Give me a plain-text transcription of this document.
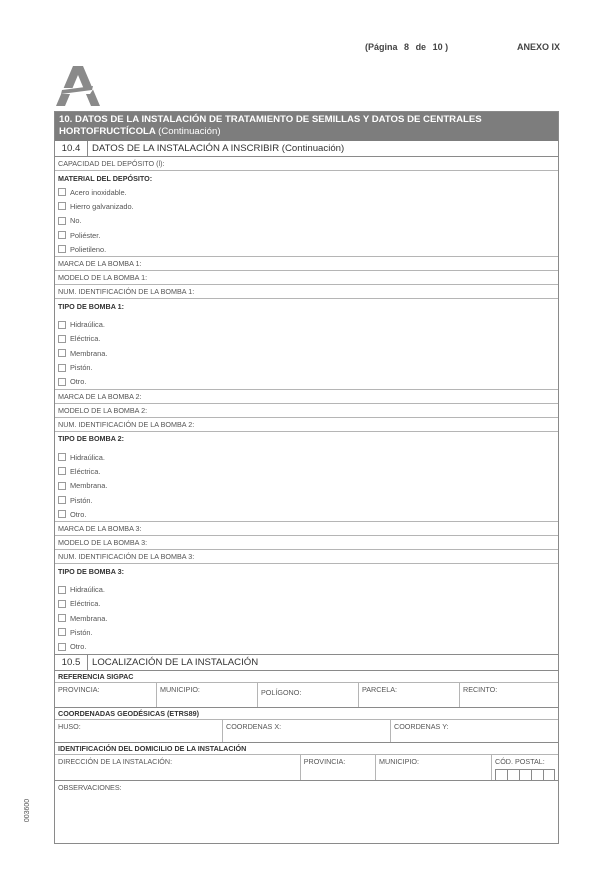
(Página 8 de 10 )	ANEXO IX
10. DATOS DE LA INSTALACIÓN DE TRATAMIENTO DE SEMILLAS Y DATOS DE CENTRALES HORTOFRUCTÍCOLA (Continuación)
10.4	DATOS DE LA INSTALACIÓN A INSCRIBIR (Continuación)
CAPACIDAD DEL DEPÓSITO (l):
MATERIAL DEL DEPÓSITO:
Acero inoxidable.
Hierro galvanizado.
No.
Poliéster.
Polietileno.
MARCA DE LA BOMBA 1:
MODELO DE LA BOMBA 1:
NUM. IDENTIFICACIÓN DE LA BOMBA 1:
TIPO DE BOMBA 1:
Hidraúlica.
Eléctrica.
Membrana.
Pistón.
Otro.
MARCA DE LA BOMBA 2:
MODELO DE LA BOMBA 2:
NUM. IDENTIFICACIÓN DE LA BOMBA 2:
TIPO DE BOMBA 2:
Hidraúlica.
Eléctrica.
Membrana.
Pistón.
Otro.
MARCA DE LA BOMBA 3:
MODELO DE LA BOMBA 3:
NUM. IDENTIFICACIÓN DE LA BOMBA 3:
TIPO DE BOMBA 3:
Hidraúlica.
Eléctrica.
Membrana.
Pistón.
Otro.
10.5	LOCALIZACIÓN DE LA INSTALACIÓN
REFERENCIA SIGPAC
PROVINCIA:	MUNICIPIO:	POLÍGONO:	PARCELA:	RECINTO:
COORDENADAS GEODÉSICAS (ETRS89)
HUSO:	COORDENAS X:	COORDENAS Y:
IDENTIFICACIÓN DEL DOMICILIO DE LA INSTALACIÓN
DIRECCIÓN DE LA INSTALACIÓN:	PROVINCIA:	MUNICIPIO:	CÓD. POSTAL:
OBSERVACIONES:
003600
